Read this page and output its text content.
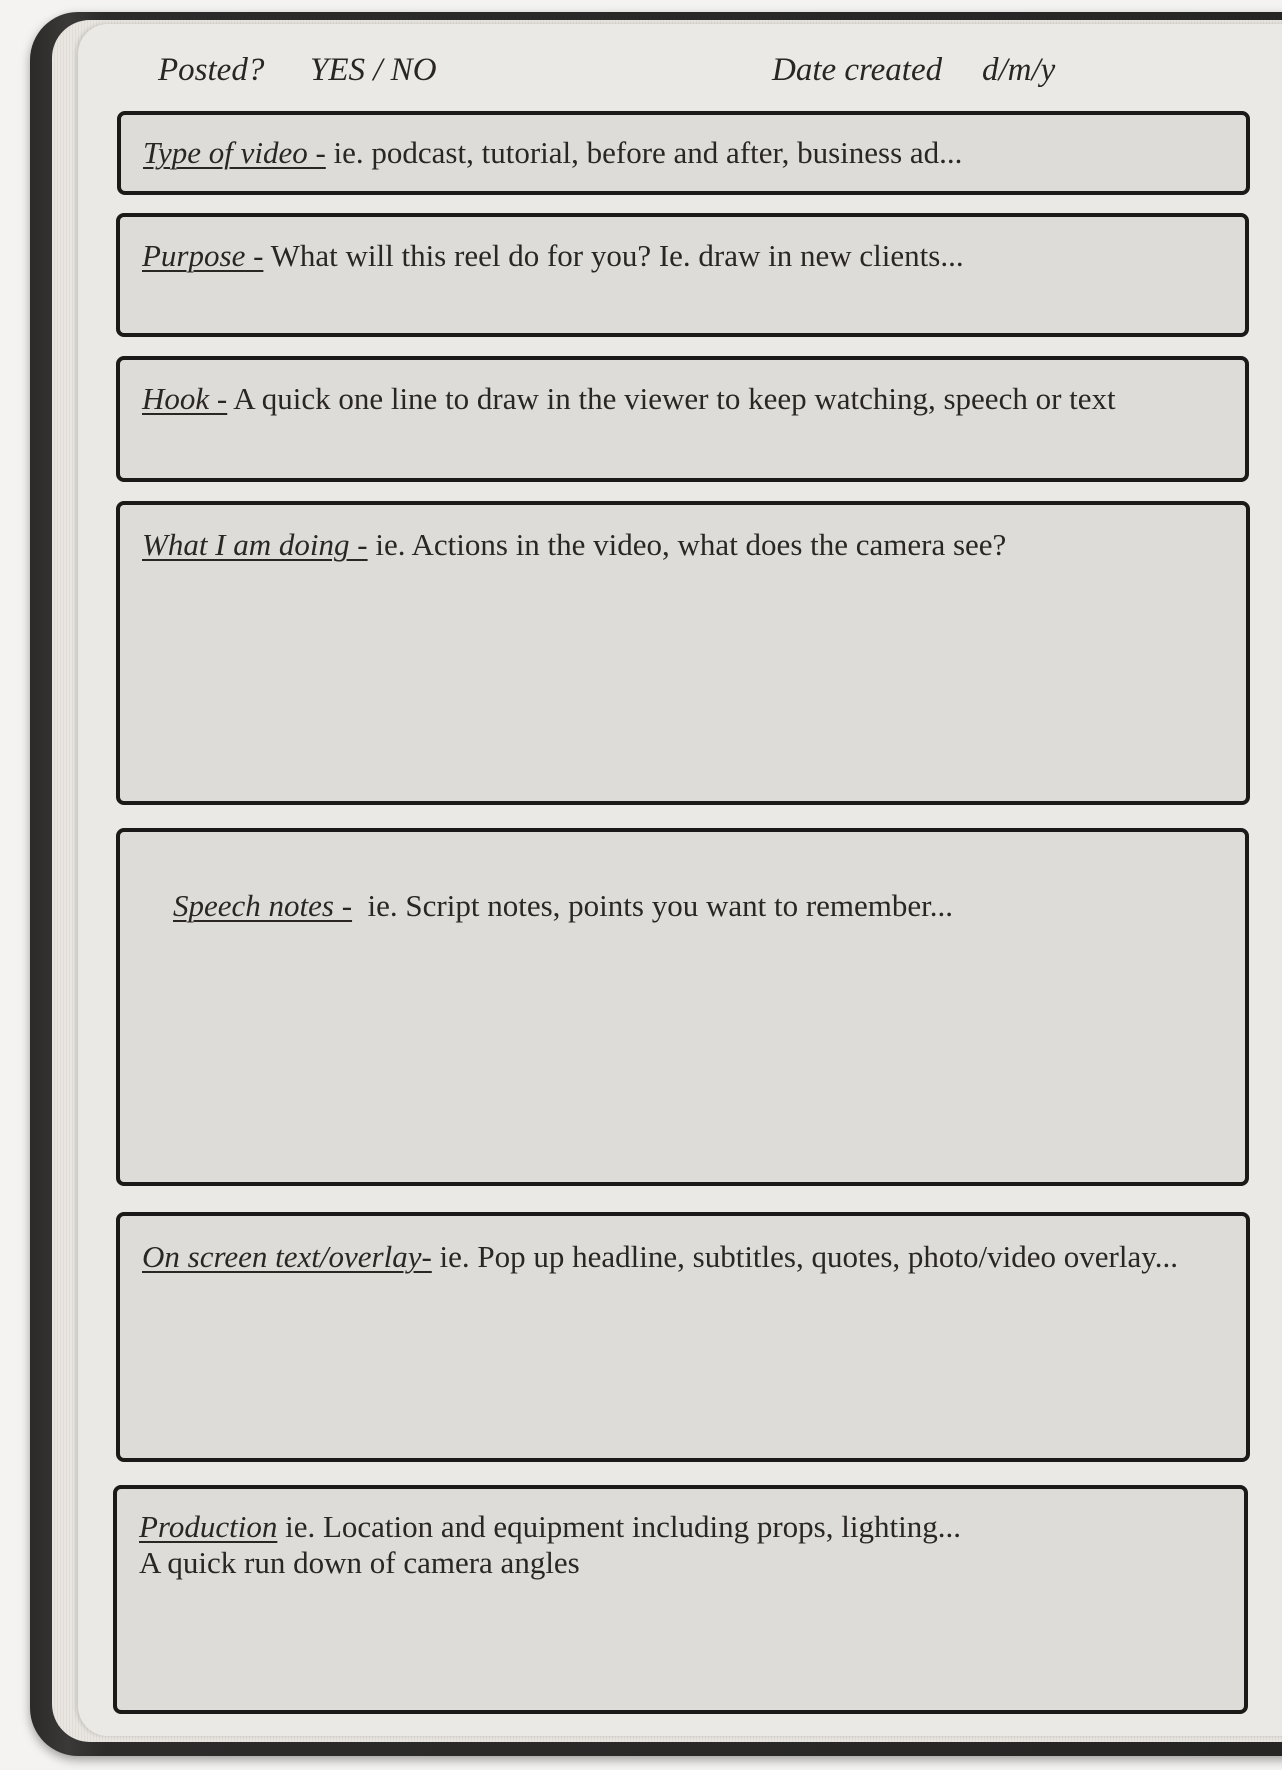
Posted? YES / NO	Date created d/m/y
Type of video - ie. podcast, tutorial, before and after, business ad...
Purpose - What will this reel do for you? Ie. draw in new clients...
Hook - A quick one line to draw in the viewer to keep watching, speech or text
What I am doing - ie. Actions in the video, what does the camera see?

Speech notes -  ie. Script notes, points you want to remember...

On screen text/overlay- ie. Pop up headline, subtitles, quotes, photo/video overlay...
Production ie. Location and equipment including props, lighting...
A quick run down of camera angles
